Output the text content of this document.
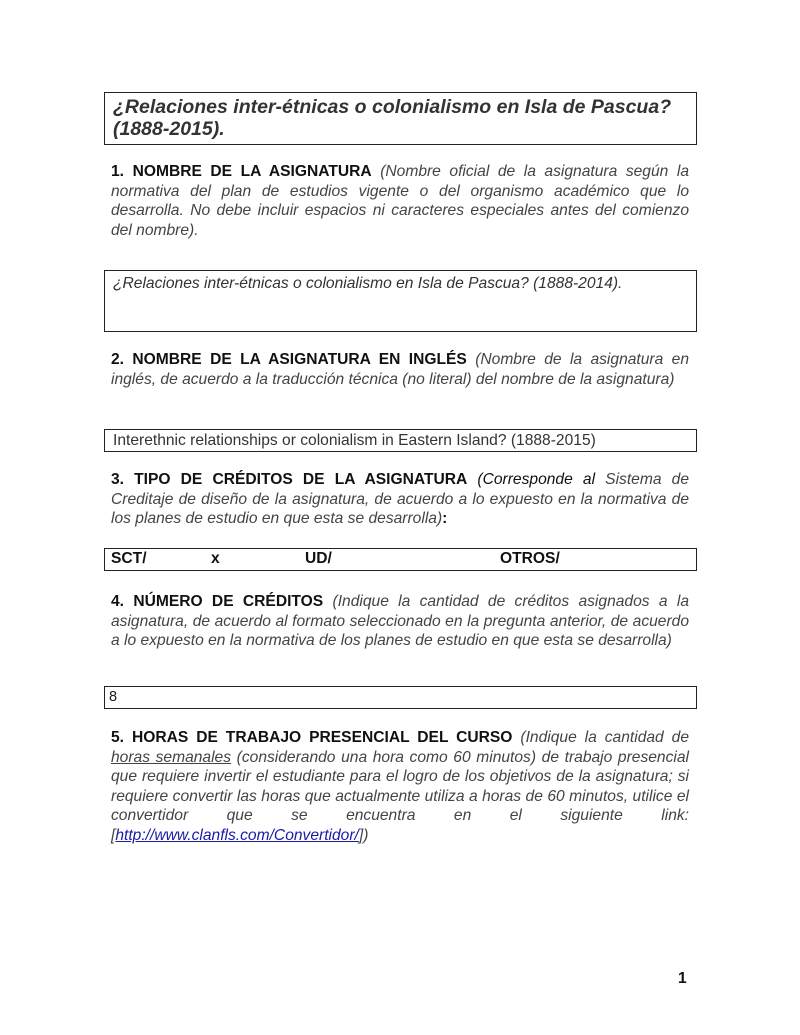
¿Relaciones inter-étnicas o colonialismo en Isla de Pascua? (1888-2015).
1. NOMBRE DE LA ASIGNATURA (Nombre oficial de la asignatura según la normativa del plan de estudios vigente o del organismo académico que lo desarrolla. No debe incluir espacios ni caracteres especiales antes del comienzo del nombre).
¿Relaciones inter-étnicas o colonialismo en Isla de Pascua? (1888-2014).
2. NOMBRE DE LA ASIGNATURA EN INGLÉS (Nombre de la asignatura en inglés, de acuerdo a la traducción técnica (no literal) del nombre de la asignatura)
Interethnic relationships or colonialism in Eastern Island? (1888-2015)
3. TIPO DE CRÉDITOS DE LA ASIGNATURA (Corresponde al Sistema de Creditaje de diseño de la asignatura, de acuerdo a lo expuesto en la normativa de los planes de estudio en que esta se desarrolla):
SCT/	x	UD/	OTROS/
4. NÚMERO DE CRÉDITOS (Indique la cantidad de créditos asignados a la asignatura, de acuerdo al formato seleccionado en la pregunta anterior, de acuerdo a lo expuesto en la normativa de los planes de estudio en que esta se desarrolla)
8
5. HORAS DE TRABAJO PRESENCIAL DEL CURSO (Indique la cantidad de horas semanales (considerando una hora como 60 minutos) de trabajo presencial que requiere invertir el estudiante para el logro de los objetivos de la asignatura; si requiere convertir las horas que actualmente utiliza a horas de 60 minutos, utilice el convertidor que se encuentra en el siguiente link: [http://www.clanfls.com/Convertidor/])
1
